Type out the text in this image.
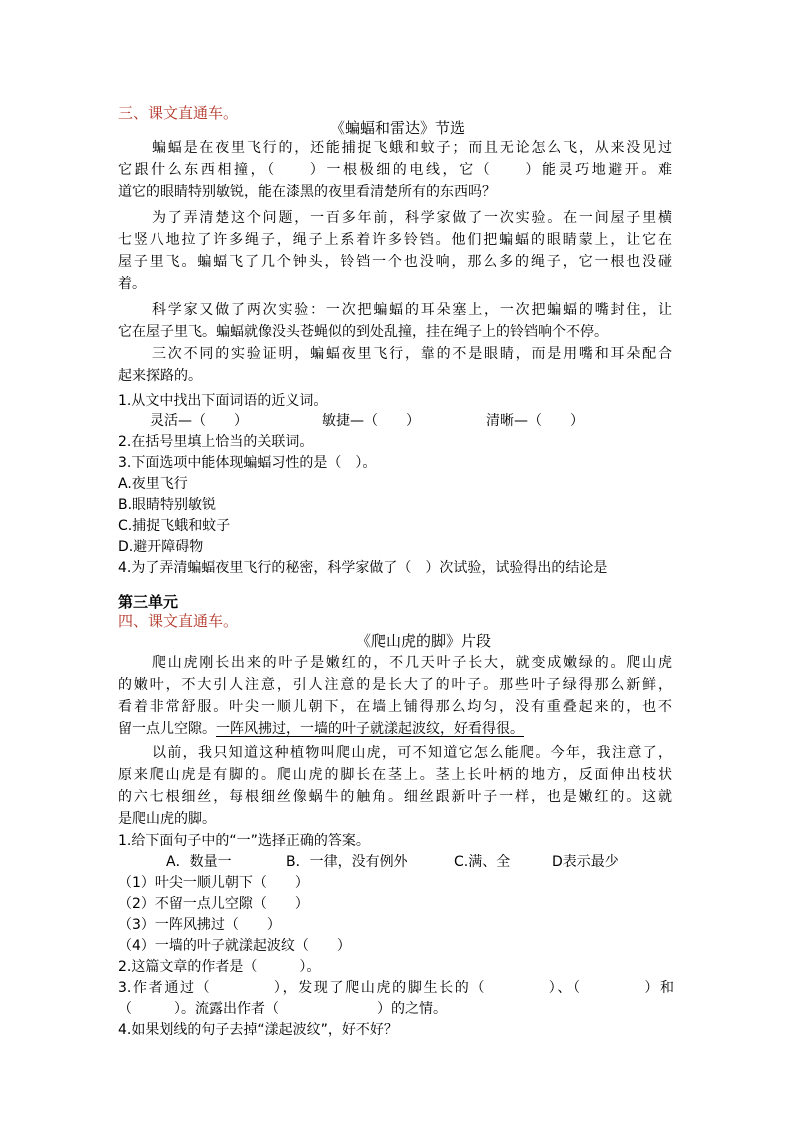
三、课文直通车。
《蝙蝠和雷达》节选
蝙蝠是在夜里飞行的，还能捕捉飞蛾和蚊子；而且无论怎么飞，从来没见过
它跟什么东西相撞，（　　）一根极细的电线，它（　　）能灵巧地避开。难
道它的眼睛特别敏锐，能在漆黑的夜里看清楚所有的东西吗？
为了弄清楚这个问题，一百多年前，科学家做了一次实验。在一间屋子里横
七竖八地拉了许多绳子，绳子上系着许多铃铛。他们把蝙蝠的眼睛蒙上，让它在
屋子里飞。蝙蝠飞了几个钟头，铃铛一个也没响，那么多的绳子，它一根也没碰
着。
科学家又做了两次实验：一次把蝙蝠的耳朵塞上，一次把蝙蝠的嘴封住，让
它在屋子里飞。蝙蝠就像没头苍蝇似的到处乱撞，挂在绳子上的铃铛响个不停。
三次不同的实验证明，蝙蝠夜里飞行，靠的不是眼睛，而是用嘴和耳朵配合
起来探路的。
1.从文中找出下面词语的近义词。
灵活—（　　）	敏捷—（　　）	清晰—（　　）
2.在括号里填上恰当的关联词。
3.下面选项中能体现蝙蝠习性的是（　）。
A.夜里飞行
B.眼睛特别敏锐
C.捕捉飞蛾和蚊子
D.避开障碍物
4.为了弄清蝙蝠夜里飞行的秘密，科学家做了（　）次试验，试验得出的结论是
第三单元
四、课文直通车。
《爬山虎的脚》片段
爬山虎刚长出来的叶子是嫩红的，不几天叶子长大，就变成嫩绿的。爬山虎
的嫩叶，不大引人注意，引人注意的是长大了的叶子。那些叶子绿得那么新鲜，
看着非常舒服。叶尖一顺儿朝下，在墙上铺得那么均匀，没有重叠起来的，也不
留一点儿空隙。一阵风拂过，一墙的叶子就漾起波纹，好看得很。
以前，我只知道这种植物叫爬山虎，可不知道它怎么能爬。今年，我注意了，
原来爬山虎是有脚的。爬山虎的脚长在茎上。茎上长叶柄的地方，反面伸出枝状
的六七根细丝，每根细丝像蜗牛的触角。细丝跟新叶子一样，也是嫩红的。这就
是爬山虎的脚。
1.给下面句子中的“一”选择正确的答案。
A．数量一	B．一律，没有例外	C.满、全	D表示最少
（1）叶尖一顺儿朝下（　　）
（2）不留一点儿空隙（　　）
（3）一阵风拂过（　　）
（4）一墙的叶子就漾起波纹（　　）
2.这篇文章的作者是（　　　）。
3.作者通过（　　　　），发现了爬山虎的脚生长的（　　　　）、（　　　　）和
（　　　）。流露出作者（　　　　　　　）的之情。
4.如果划线的句子去掉“漾起波纹”，好不好？
